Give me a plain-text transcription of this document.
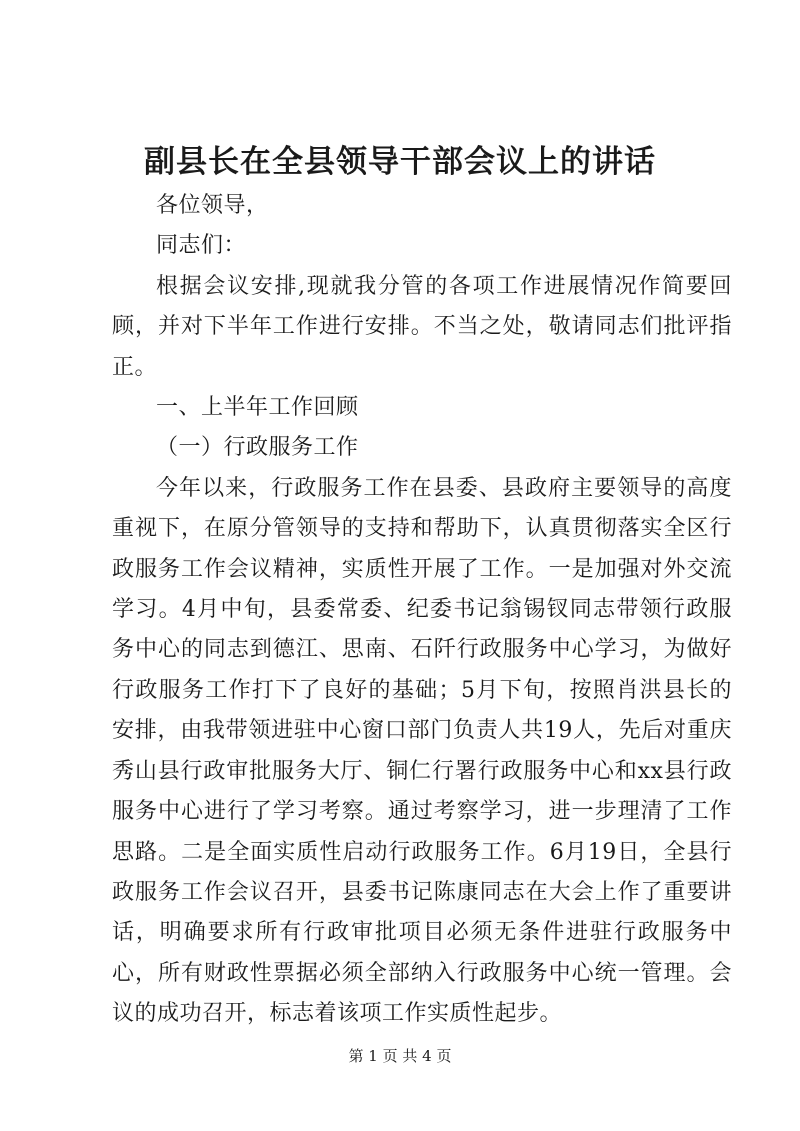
副县长在全县领导干部会议上的讲话

各位领导，

同志们：

根据会议安排,现就我分管的各项工作进展情况作简要回顾，并对下半年工作进行安排。不当之处，敬请同志们批评指正。

一、上半年工作回顾

（一）行政服务工作

今年以来，行政服务工作在县委、县政府主要领导的高度重视下，在原分管领导的支持和帮助下，认真贯彻落实全区行政服务工作会议精神，实质性开展了工作。一是加强对外交流学习。4月中旬，县委常委、纪委书记翁锡钗同志带领行政服务中心的同志到德江、思南、石阡行政服务中心学习，为做好行政服务工作打下了良好的基础；5月下旬，按照肖洪县长的安排，由我带领进驻中心窗口部门负责人共19人，先后对重庆秀山县行政审批服务大厅、铜仁行署行政服务中心和xx县行政服务中心进行了学习考察。通过考察学习，进一步理清了工作思路。二是全面实质性启动行政服务工作。6月19日，全县行政服务工作会议召开，县委书记陈康同志在大会上作了重要讲话，明确要求所有行政审批项目必须无条件进驻行政服务中心，所有财政性票据必须全部纳入行政服务中心统一管理。会议的成功召开，标志着该项工作实质性起步。

第 1 页 共 4 页
